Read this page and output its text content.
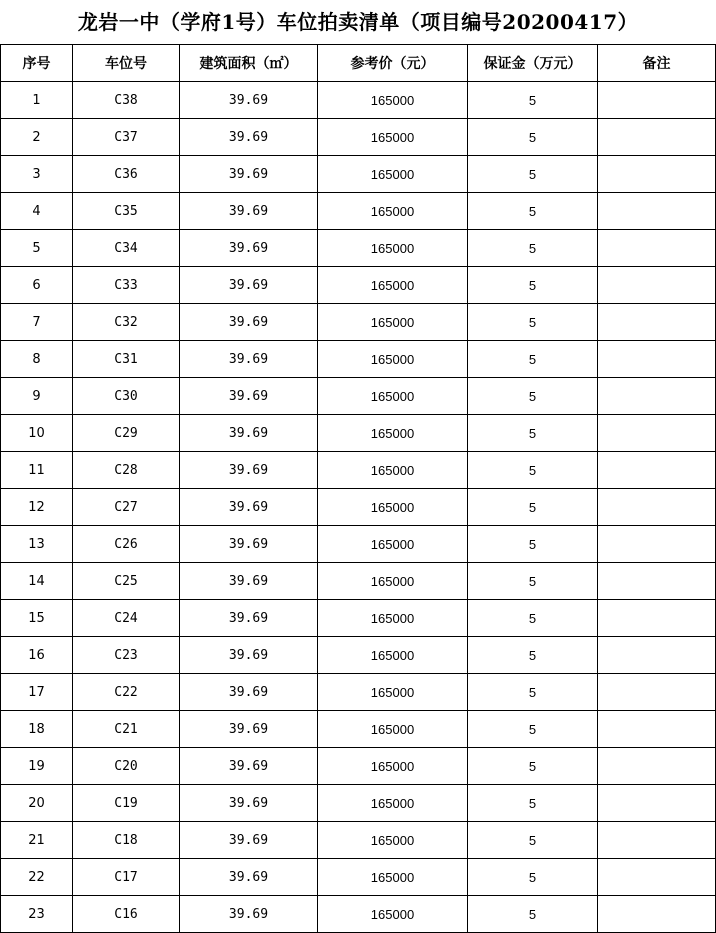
龙岩一中（学府1号）车位拍卖清单（项目编号20200417）
序号	车位号	建筑面积（㎡）	参考价（元）	保证金（万元）	备注
1	C38	39.69	165000	5	
2	C37	39.69	165000	5	
3	C36	39.69	165000	5	
4	C35	39.69	165000	5	
5	C34	39.69	165000	5	
6	C33	39.69	165000	5	
7	C32	39.69	165000	5	
8	C31	39.69	165000	5	
9	C30	39.69	165000	5	
10	C29	39.69	165000	5	
11	C28	39.69	165000	5	
12	C27	39.69	165000	5	
13	C26	39.69	165000	5	
14	C25	39.69	165000	5	
15	C24	39.69	165000	5	
16	C23	39.69	165000	5	
17	C22	39.69	165000	5	
18	C21	39.69	165000	5	
19	C20	39.69	165000	5	
20	C19	39.69	165000	5	
21	C18	39.69	165000	5	
22	C17	39.69	165000	5	
23	C16	39.69	165000	5	
